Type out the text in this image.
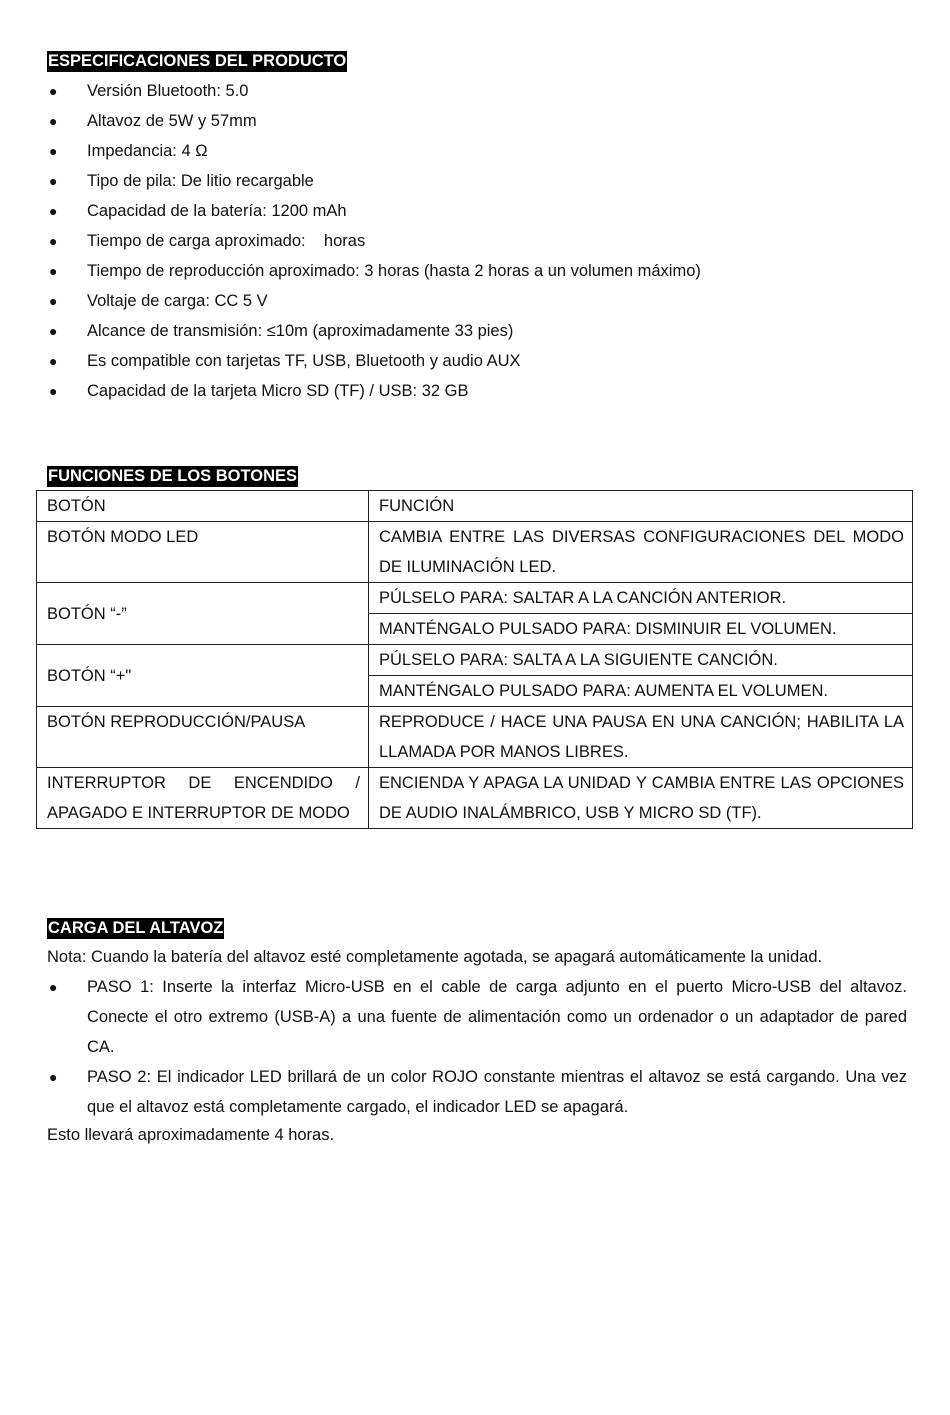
ESPECIFICACIONES DEL PRODUCTO
● Versión Bluetooth: 5.0
● Altavoz de 5W y 57mm
● Impedancia: 4 Ω
● Tipo de pila: De litio recargable
● Capacidad de la batería: 1200 mAh
● Tiempo de carga aproximado:    horas
● Tiempo de reproducción aproximado: 3 horas (hasta 2 horas a un volumen máximo)
● Voltaje de carga: CC 5 V
● Alcance de transmisión: ≤10m (aproximadamente 33 pies)
● Es compatible con tarjetas TF, USB, Bluetooth y audio AUX
● Capacidad de la tarjeta Micro SD (TF) / USB: 32 GB
FUNCIONES DE LOS BOTONES
BOTÓN	FUNCIÓN
BOTÓN MODO LED	CAMBIA ENTRE LAS DIVERSAS CONFIGURACIONES DEL MODO DE ILUMINACIÓN LED.
BOTÓN “-”	PÚLSELO PARA: SALTAR A LA CANCIÓN ANTERIOR.
	MANTÉNGALO PULSADO PARA: DISMINUIR EL VOLUMEN.
BOTÓN “+"	PÚLSELO PARA: SALTA A LA SIGUIENTE CANCIÓN.
	MANTÉNGALO PULSADO PARA: AUMENTA EL VOLUMEN.
BOTÓN REPRODUCCIÓN/PAUSA	REPRODUCE / HACE UNA PAUSA EN UNA CANCIÓN; HABILITA LA LLAMADA POR MANOS LIBRES.
INTERRUPTOR DE ENCENDIDO / APAGADO E INTERRUPTOR DE MODO	ENCIENDA Y APAGA LA UNIDAD Y CAMBIA ENTRE LAS OPCIONES DE AUDIO INALÁMBRICO, USB Y MICRO SD (TF).
CARGA DEL ALTAVOZ

Nota: Cuando la batería del altavoz esté completamente agotada, se apagará automáticamente la unidad.

● PASO 1: Inserte la interfaz Micro-USB en el cable de carga adjunto en el puerto Micro-USB del altavoz. Conecte el otro extremo (USB-A) a una fuente de alimentación como un ordenador o un adaptador de pared CA.
● PASO 2: El indicador LED brillará de un color ROJO constante mientras el altavoz se está cargando. Una vez que el altavoz está completamente cargado, el indicador LED se apagará.

Esto llevará aproximadamente 4 horas.
